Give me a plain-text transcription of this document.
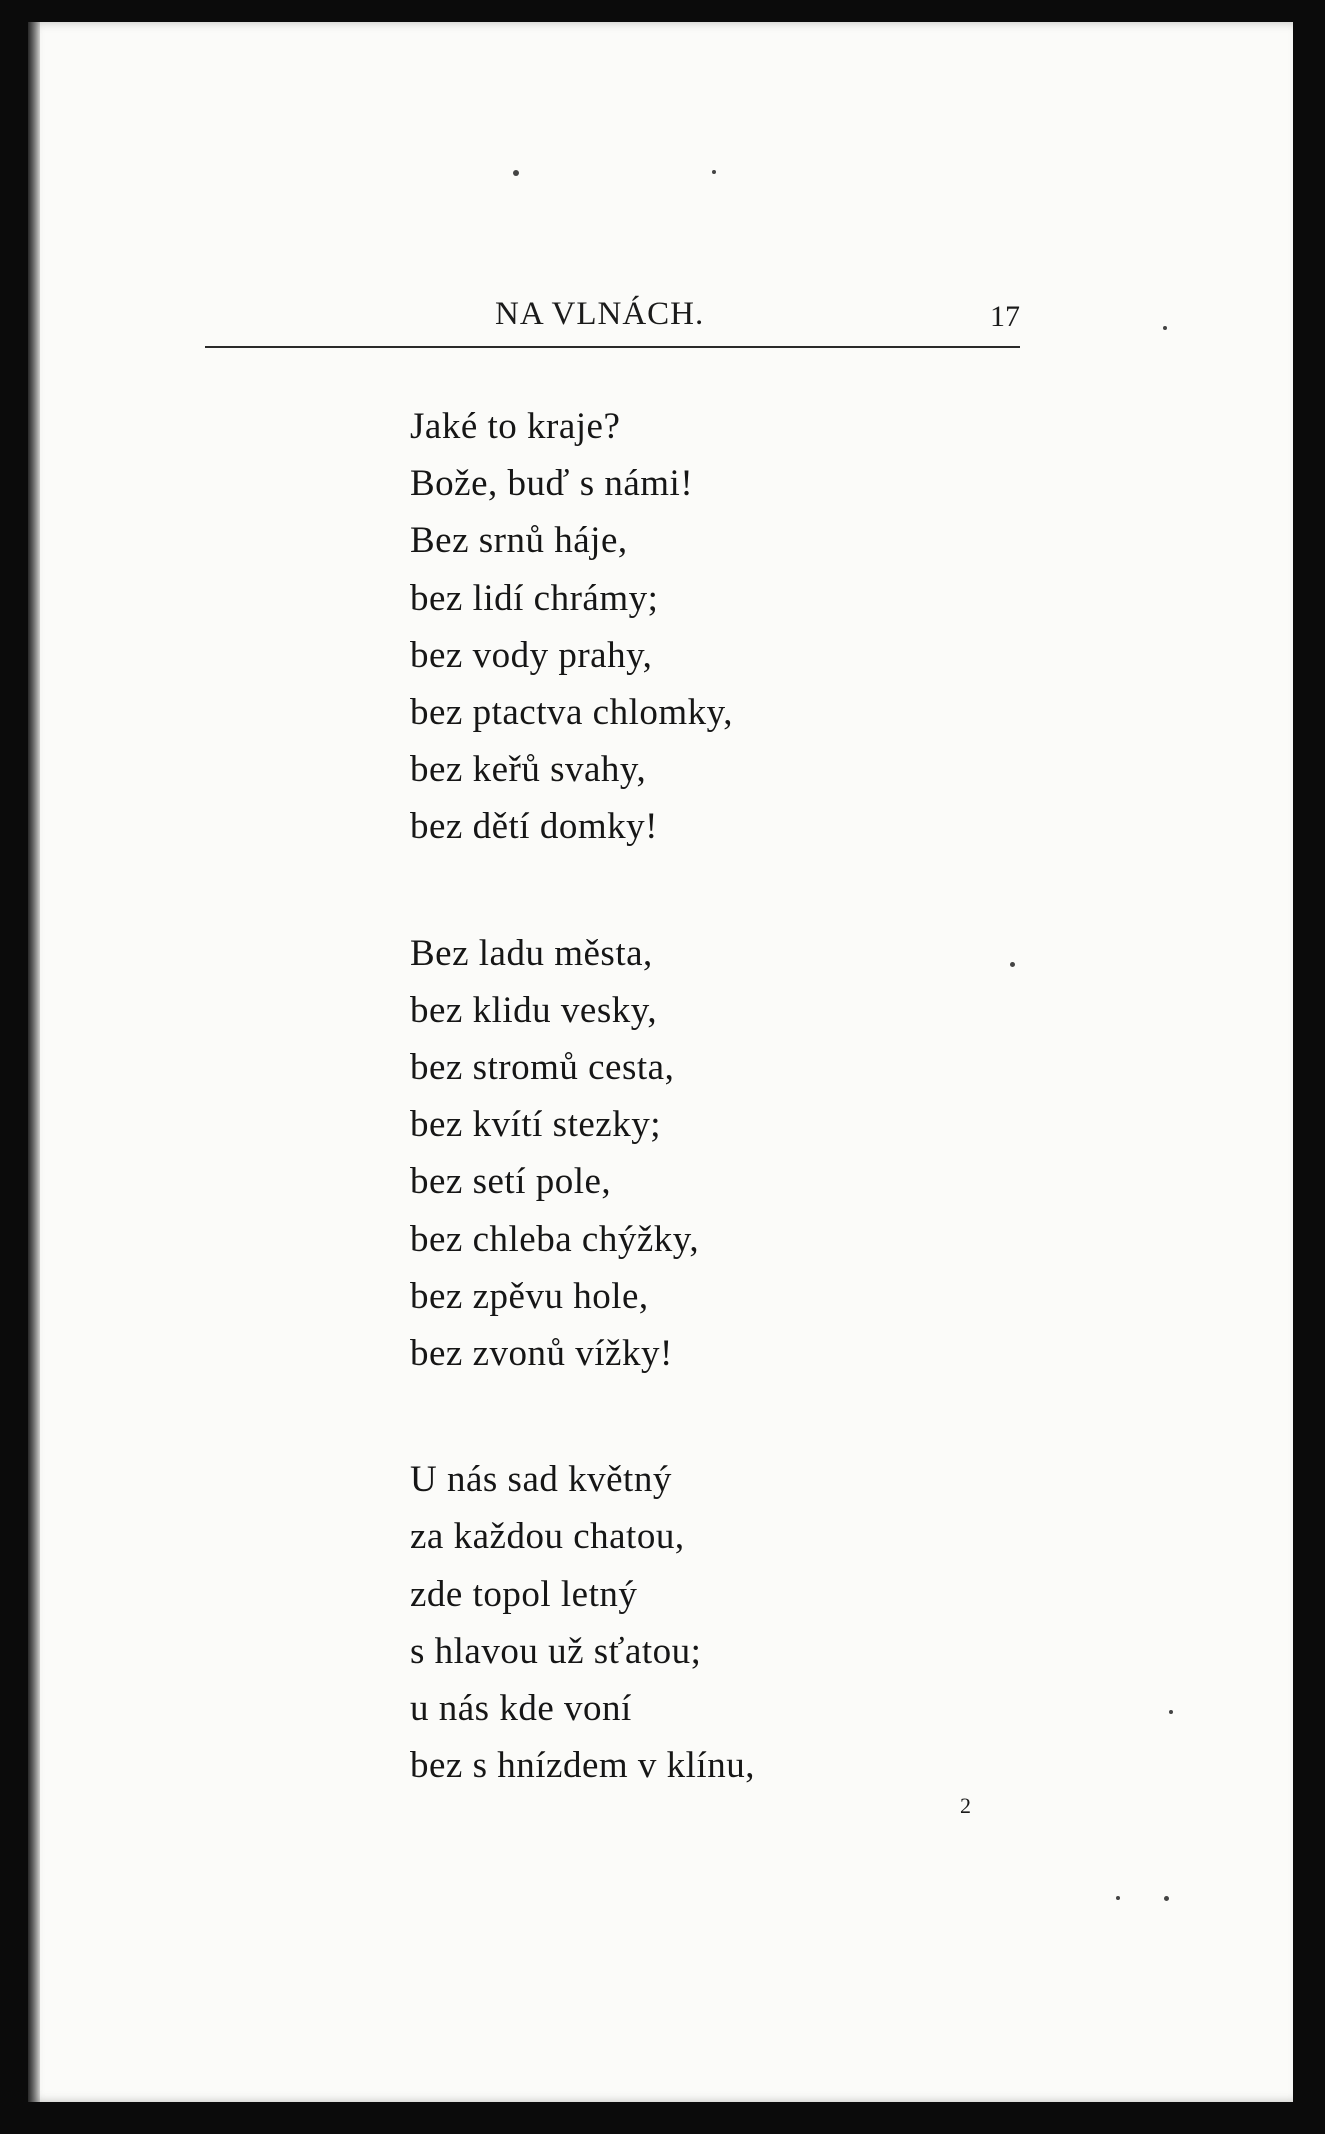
NA VLNÁCH.	17

Jaké to kraje?
Bože, buď s námi!
Bez srnů háje,
bez lidí chrámy;
bez vody prahy,
bez ptactva chlomky,
bez keřů svahy,
bez dětí domky!

Bez ladu města,
bez klidu vesky,
bez stromů cesta,
bez kvítí stezky;
bez setí pole,
bez chleba chýžky,
bez zpěvu hole,
bez zvonů vížky!

U nás sad květný
za každou chatou,
zde topol letný
s hlavou už sťatou;
u nás kde voní
bez s hnízdem v klínu,

2
